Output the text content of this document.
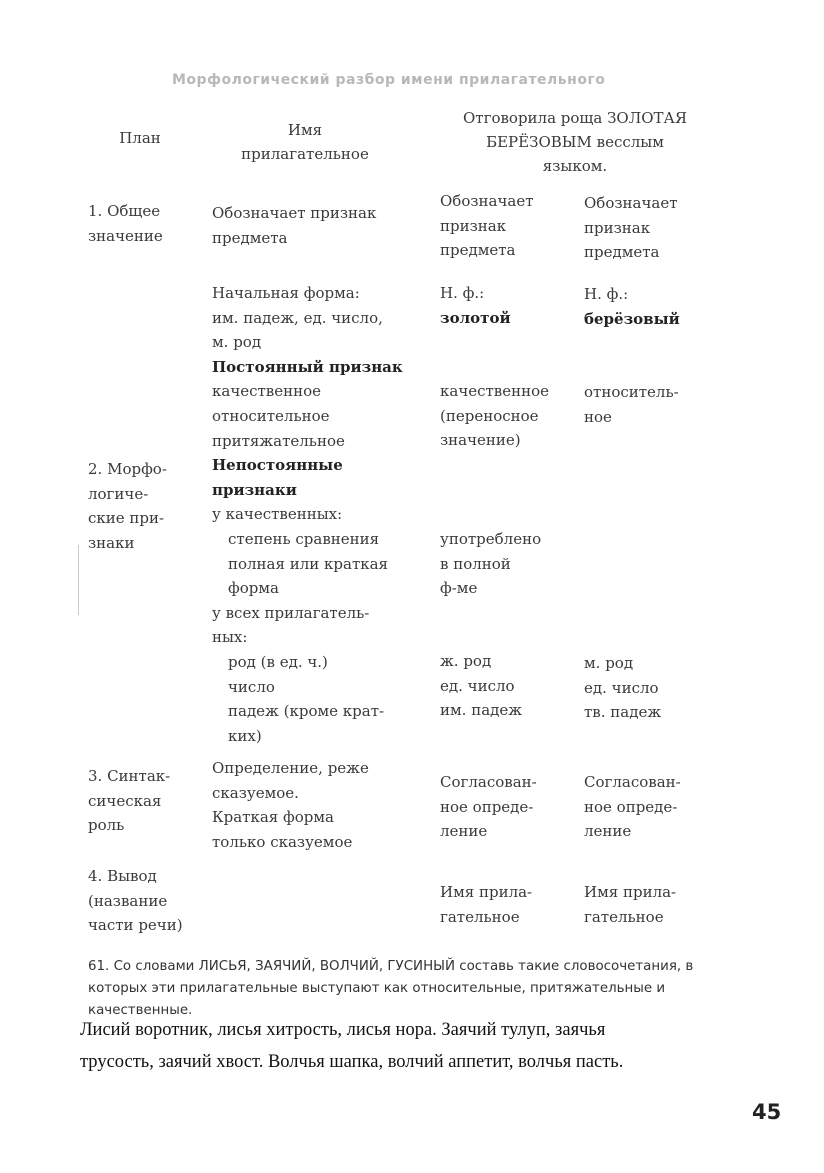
Морфологический разбор имени прилагательного
План	Имя
прилагательное
Отговорила роща ЗОЛОТАЯ
БЕРЁЗОВЫМ весслым
языком.
1. Общее
значение
Обозначает признак
предмета
Обозначает
признак
предмета
Обозначает
признак
предмета
2. Морфо-
логиче-
ские при-
знаки
Начальная форма:
им. падеж, ед. число,
м. род
Постоянный признак
качественное
относительное
притяжательное
Непостоянные
признаки
у качественных:
степень сравнения
полная или краткая
форма
у всех прилагатель-
ных:
род (в ед. ч.)
число
падеж (кроме крат-
ких)
Н. ф.:
золотой
качественное
(переносное
значение)
употреблено
в полной
ф-ме
ж. род
ед. число
им. падеж
Н. ф.:
берёзовый
относитель-
ное
м. род
ед. число
тв. падеж
3. Синтак-
сическая
роль
Определение, реже
сказуемое.
Краткая форма
только сказуемое
Согласован-
ное опреде-
ление
Согласован-
ное опреде-
ление
4. Вывод
(название
части речи)
Имя прила-
гательное
Имя прила-
гательное
61. Со словами ЛИСЬЯ, ЗАЯЧИЙ, ВОЛЧИЙ, ГУСИНЫЙ составь такие словосочетания, в которых эти прилагательные выступают как относительные, притяжательные и качественные.
Лисий воротник, лисья хитрость, лисья нора. Заячий тулуп, заячья
трусость, заячий хвост. Волчья шапка, волчий аппетит, волчья пасть.
45
